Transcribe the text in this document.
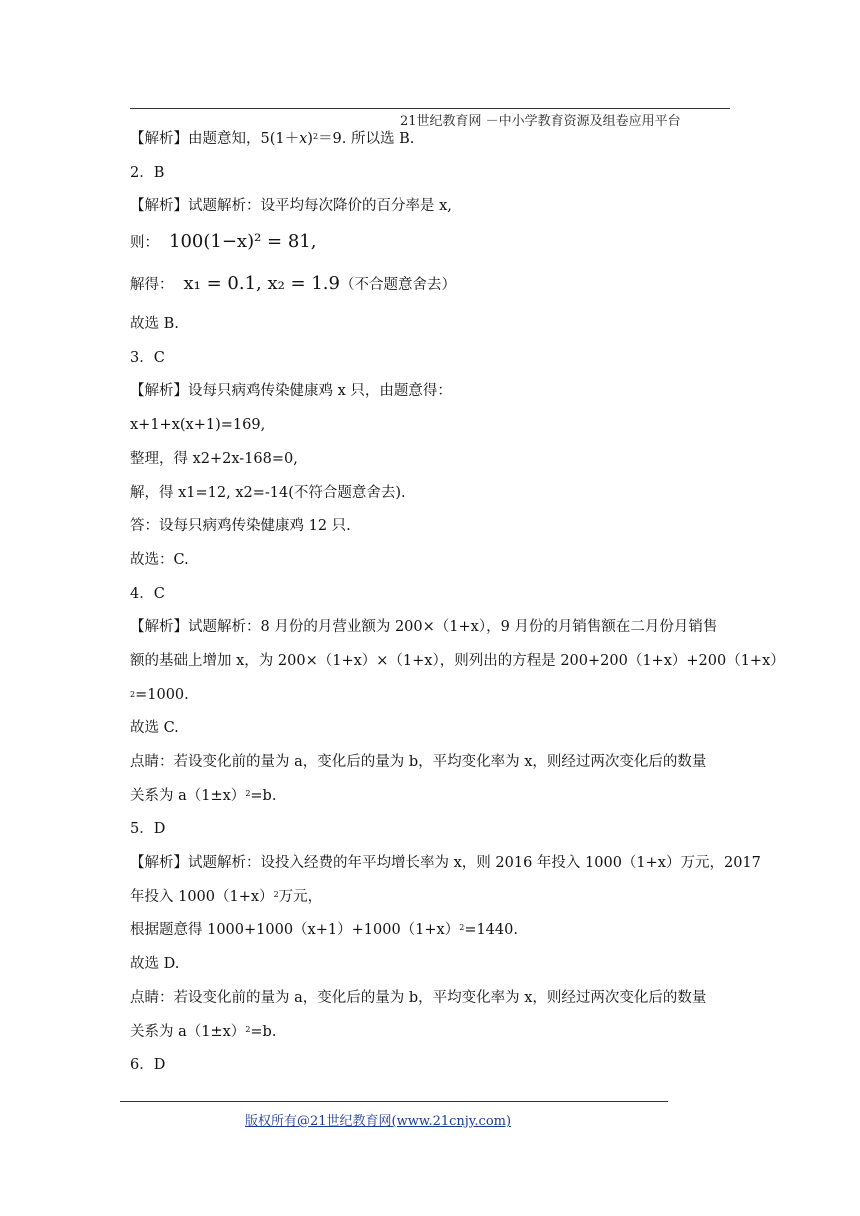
21世纪教育网 －中小学教育资源及组卷应用平台
【解析】由题意知，$5(1+x)^2=9$. 所以选 B.
2．B
【解析】试题解析：设平均每次降价的百分率是 x,
则： 100(1−x)² = 81,
解得： x₁ = 0.1, x₂ = 1.9（不合题意舍去）
故选 B.
3．C
【解析】设每只病鸡传染健康鸡 x 只，由题意得：
x+1+x(x+1)=169,
整理，得 x2+2x-168=0,
解，得 x1=12, x2=-14(不符合题意舍去).
答：设每只病鸡传染健康鸡 12 只.
故选：C.
4．C
【解析】试题解析：8 月份的月营业额为 200×（1+x），9 月份的月销售额在二月份月销售
额的基础上增加 x，为 200×（1+x）×（1+x），则列出的方程是 200+200（1+x）+200（1+x）
$^2$=1000.
故选 C.
点睛：若设变化前的量为 a，变化后的量为 b，平均变化率为 x，则经过两次变化后的数量
关系为 $a(1\pm x)^2=b$.
5．D
【解析】试题解析：设投入经费的年平均增长率为 x，则 2016 年投入 1000（1+x）万元，2017
年投入 $1000(1+x)^2$万元，
根据题意得 $1000+1000(x+1)+1000(1+x)^2=1440$.
故选 D.
点睛：若设变化前的量为 a，变化后的量为 b，平均变化率为 x，则经过两次变化后的数量
关系为 $a(1\pm x)^2=b$.
6．D
版权所有@21世纪教育网(www.21cnjy.com)
